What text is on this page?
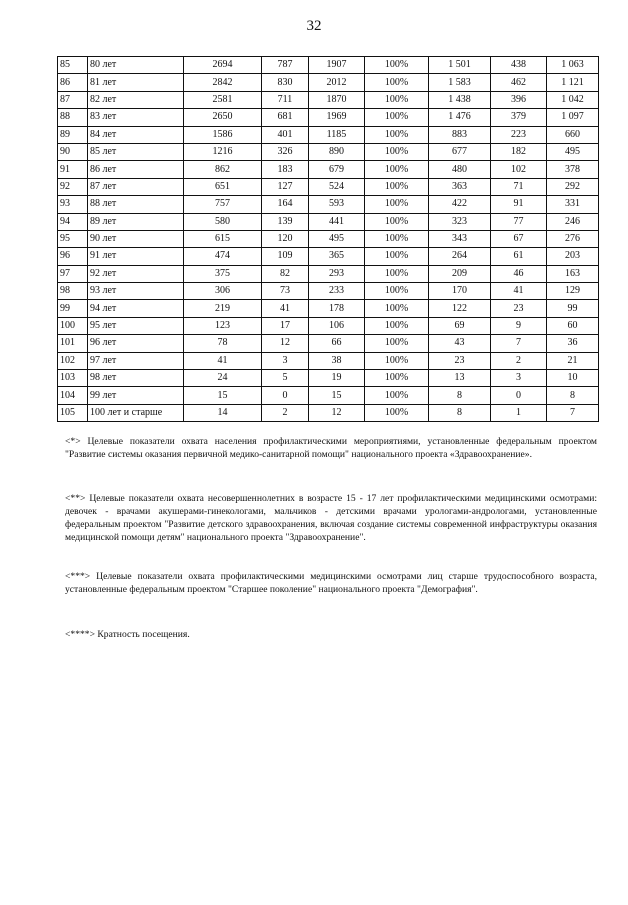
32
85	80 лет	2694	787	1907	100%	1 501	438	1 063
86	81 лет	2842	830	2012	100%	1 583	462	1 121
87	82 лет	2581	711	1870	100%	1 438	396	1 042
88	83 лет	2650	681	1969	100%	1 476	379	1 097
89	84 лет	1586	401	1185	100%	883	223	660
90	85 лет	1216	326	890	100%	677	182	495
91	86 лет	862	183	679	100%	480	102	378
92	87 лет	651	127	524	100%	363	71	292
93	88 лет	757	164	593	100%	422	91	331
94	89 лет	580	139	441	100%	323	77	246
95	90 лет	615	120	495	100%	343	67	276
96	91 лет	474	109	365	100%	264	61	203
97	92 лет	375	82	293	100%	209	46	163
98	93 лет	306	73	233	100%	170	41	129
99	94 лет	219	41	178	100%	122	23	99
100	95 лет	123	17	106	100%	69	9	60
101	96 лет	78	12	66	100%	43	7	36
102	97 лет	41	3	38	100%	23	2	21
103	98 лет	24	5	19	100%	13	3	10
104	99 лет	15	0	15	100%	8	0	8
105	100 лет и старше	14	2	12	100%	8	1	7
<*> Целевые показатели охвата населения профилактическими мероприятиями, установленные федеральным проектом "Развитие системы оказания первичной медико-санитарной помощи" национального проекта «Здравоохранение».
<**> Целевые показатели охвата несовершеннолетних в возрасте 15 - 17 лет профилактическими медицинскими осмотрами: девочек - врачами акушерами-гинекологами, мальчиков - детскими врачами урологами-андрологами, установленные федеральным проектом "Развитие детского здравоохранения, включая создание системы современной инфраструктуры оказания медицинской помощи детям" национального проекта "Здравоохранение".
<***> Целевые показатели охвата профилактическими медицинскими осмотрами лиц старше трудоспособного возраста, установленные федеральным проектом "Старшее поколение" национального проекта "Демография".
<****> Кратность посещения.
